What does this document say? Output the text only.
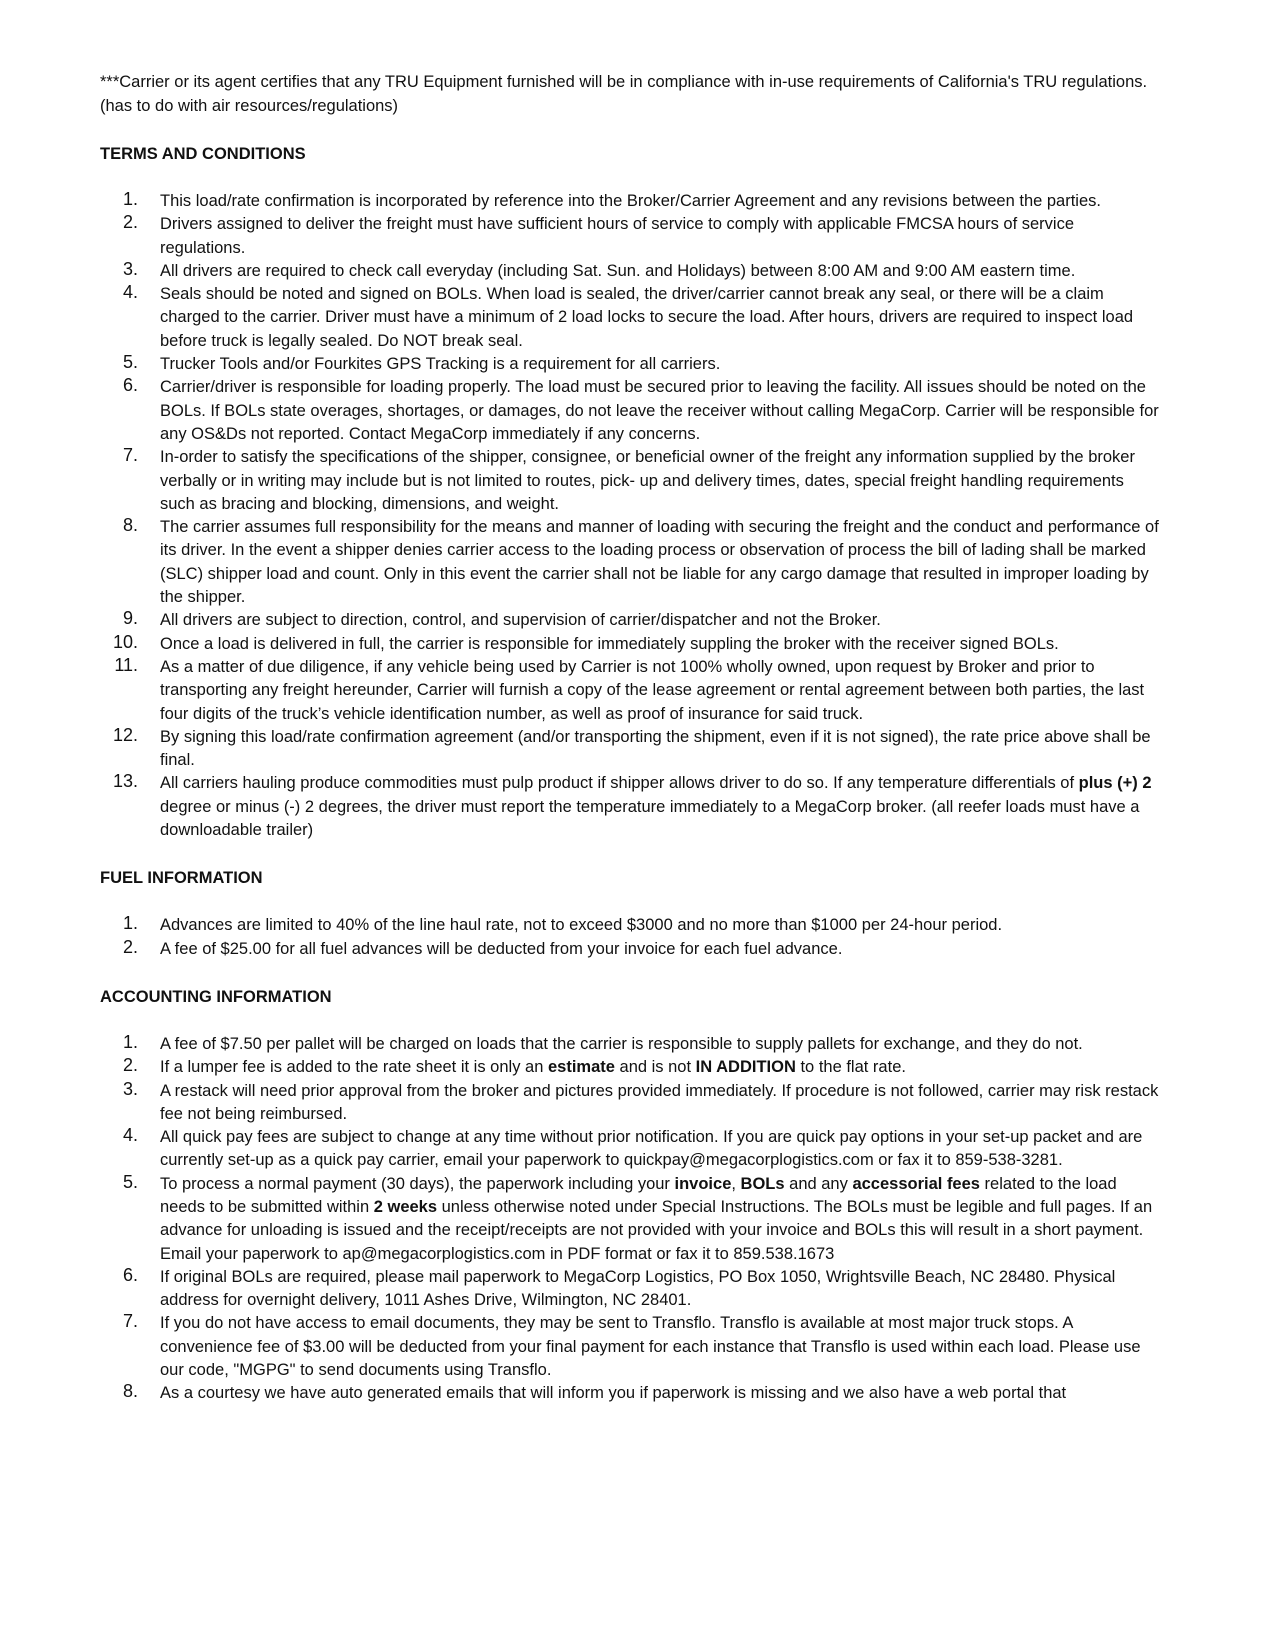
***Carrier or its agent certifies that any TRU Equipment furnished will be in compliance with in-use requirements of California's TRU regulations. (has to do with air resources/regulations)

TERMS AND CONDITIONS
1. This load/rate confirmation is incorporated by reference into the Broker/Carrier Agreement and any revisions between the parties.
2. Drivers assigned to deliver the freight must have sufficient hours of service to comply with applicable FMCSA hours of service regulations.
3. All drivers are required to check call everyday (including Sat. Sun. and Holidays) between 8:00 AM and 9:00 AM eastern time.
4. Seals should be noted and signed on BOLs. When load is sealed, the driver/carrier cannot break any seal, or there will be a claim charged to the carrier. Driver must have a minimum of 2 load locks to secure the load. After hours, drivers are required to inspect load before truck is legally sealed. Do NOT break seal.
5. Trucker Tools and/or Fourkites GPS Tracking is a requirement for all carriers.
6. Carrier/driver is responsible for loading properly. The load must be secured prior to leaving the facility. All issues should be noted on the BOLs. If BOLs state overages, shortages, or damages, do not leave the receiver without calling MegaCorp. Carrier will be responsible for any OS&Ds not reported. Contact MegaCorp immediately if any concerns.
7. In-order to satisfy the specifications of the shipper, consignee, or beneficial owner of the freight any information supplied by the broker verbally or in writing may include but is not limited to routes, pick- up and delivery times, dates, special freight handling requirements such as bracing and blocking, dimensions, and weight.
8. The carrier assumes full responsibility for the means and manner of loading with securing the freight and the conduct and performance of its driver. In the event a shipper denies carrier access to the loading process or observation of process the bill of lading shall be marked (SLC) shipper load and count. Only in this event the carrier shall not be liable for any cargo damage that resulted in improper loading by the shipper.
9. All drivers are subject to direction, control, and supervision of carrier/dispatcher and not the Broker.
10. Once a load is delivered in full, the carrier is responsible for immediately suppling the broker with the receiver signed BOLs.
11. As a matter of due diligence, if any vehicle being used by Carrier is not 100% wholly owned, upon request by Broker and prior to transporting any freight hereunder, Carrier will furnish a copy of the lease agreement or rental agreement between both parties, the last four digits of the truck’s vehicle identification number, as well as proof of insurance for said truck.
12. By signing this load/rate confirmation agreement (and/or transporting the shipment, even if it is not signed), the rate price above shall be final.
13. All carriers hauling produce commodities must pulp product if shipper allows driver to do so. If any temperature differentials of plus (+) 2 degree or minus (-) 2 degrees, the driver must report the temperature immediately to a MegaCorp broker. (all reefer loads must have a downloadable trailer)
FUEL INFORMATION
1. Advances are limited to 40% of the line haul rate, not to exceed $3000 and no more than $1000 per 24-hour period.
2. A fee of $25.00 for all fuel advances will be deducted from your invoice for each fuel advance.
ACCOUNTING INFORMATION
1. A fee of $7.50 per pallet will be charged on loads that the carrier is responsible to supply pallets for exchange, and they do not.
2. If a lumper fee is added to the rate sheet it is only an estimate and is not IN ADDITION to the flat rate.
3. A restack will need prior approval from the broker and pictures provided immediately. If procedure is not followed, carrier may risk restack fee not being reimbursed.
4. All quick pay fees are subject to change at any time without prior notification. If you are quick pay options in your set-up packet and are currently set-up as a quick pay carrier, email your paperwork to quickpay@megacorplogistics.com or fax it to 859-538-3281.
5. To process a normal payment (30 days), the paperwork including your invoice, BOLs and any accessorial fees related to the load needs to be submitted within 2 weeks unless otherwise noted under Special Instructions. The BOLs must be legible and full pages. If an advance for unloading is issued and the receipt/receipts are not provided with your invoice and BOLs this will result in a short payment. Email your paperwork to ap@megacorplogistics.com in PDF format or fax it to 859.538.1673
6. If original BOLs are required, please mail paperwork to MegaCorp Logistics, PO Box 1050, Wrightsville Beach, NC 28480. Physical address for overnight delivery, 1011 Ashes Drive, Wilmington, NC 28401.
7. If you do not have access to email documents, they may be sent to Transflo. Transflo is available at most major truck stops. A convenience fee of $3.00 will be deducted from your final payment for each instance that Transflo is used within each load. Please use our code, "MGPG" to send documents using Transflo.
8. As a courtesy we have auto generated emails that will inform you if paperwork is missing and we also have a web portal that
